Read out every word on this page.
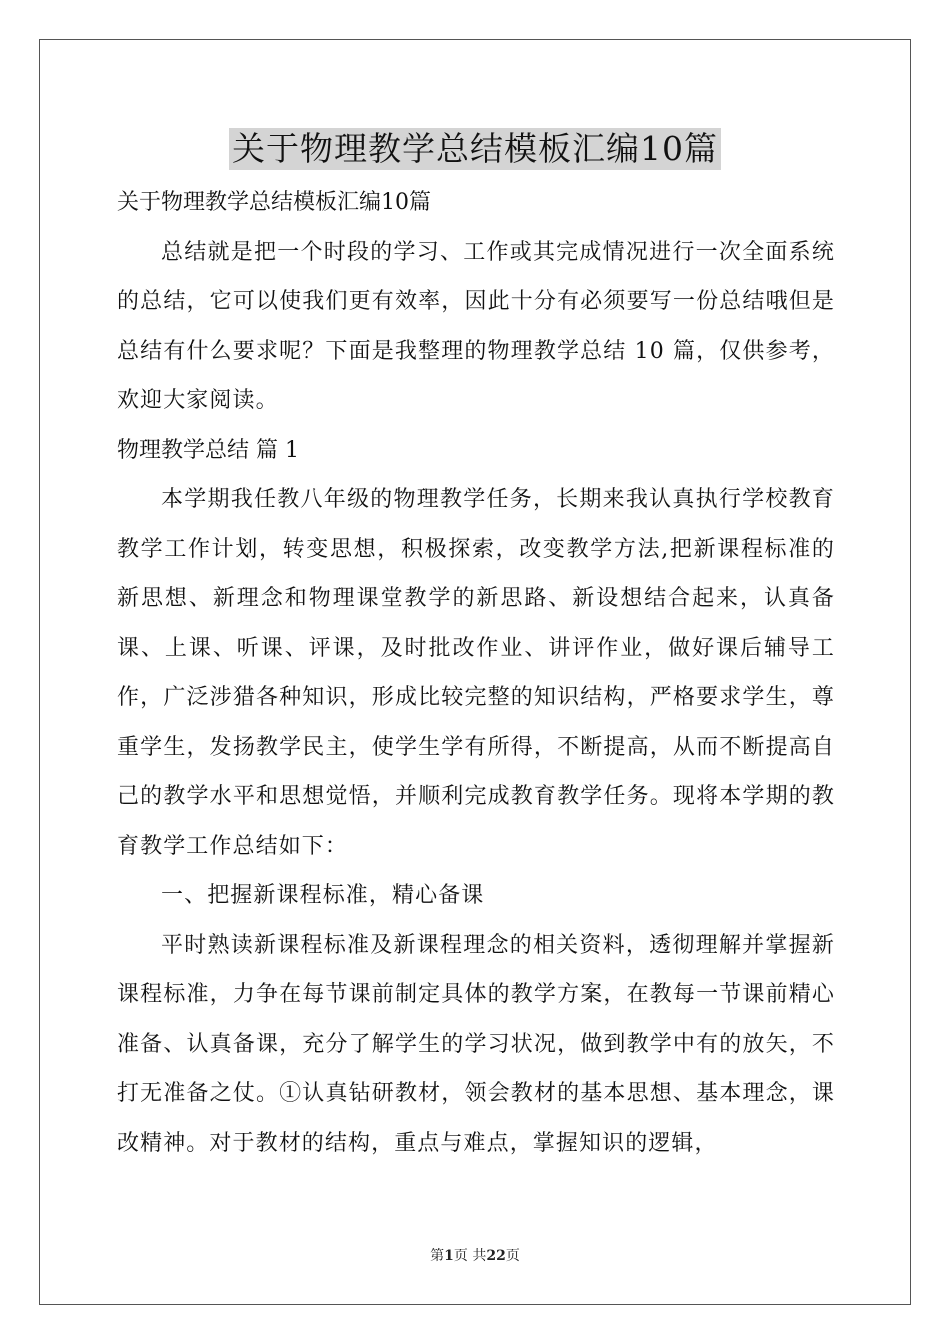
关于物理教学总结模板汇编10篇

关于物理教学总结模板汇编10篇

总结就是把一个时段的学习、工作或其完成情况进行一次全面系统的总结，它可以使我们更有效率，因此十分有必须要写一份总结哦但是总结有什么要求呢？下面是我整理的物理教学总结 10 篇，仅供参考，欢迎大家阅读。

物理教学总结 篇 1

本学期我任教八年级的物理教学任务，长期来我认真执行学校教育教学工作计划，转变思想，积极探索，改变教学方法,把新课程标准的新思想、新理念和物理课堂教学的新思路、新设想结合起来，认真备课、上课、听课、评课，及时批改作业、讲评作业，做好课后辅导工作，广泛涉猎各种知识，形成比较完整的知识结构，严格要求学生，尊重学生，发扬教学民主，使学生学有所得，不断提高，从而不断提高自己的教学水平和思想觉悟，并顺利完成教育教学任务。现将本学期的教育教学工作总结如下：

一、把握新课程标准，精心备课

平时熟读新课程标准及新课程理念的相关资料，透彻理解并掌握新课程标准，力争在每节课前制定具体的教学方案，在教每一节课前精心准备、认真备课，充分了解学生的学习状况，做到教学中有的放矢，不打无准备之仗。①认真钻研教材，领会教材的基本思想、基本理念，课改精神。对于教材的结构，重点与难点，掌握知识的逻辑，

第1页 共22页
